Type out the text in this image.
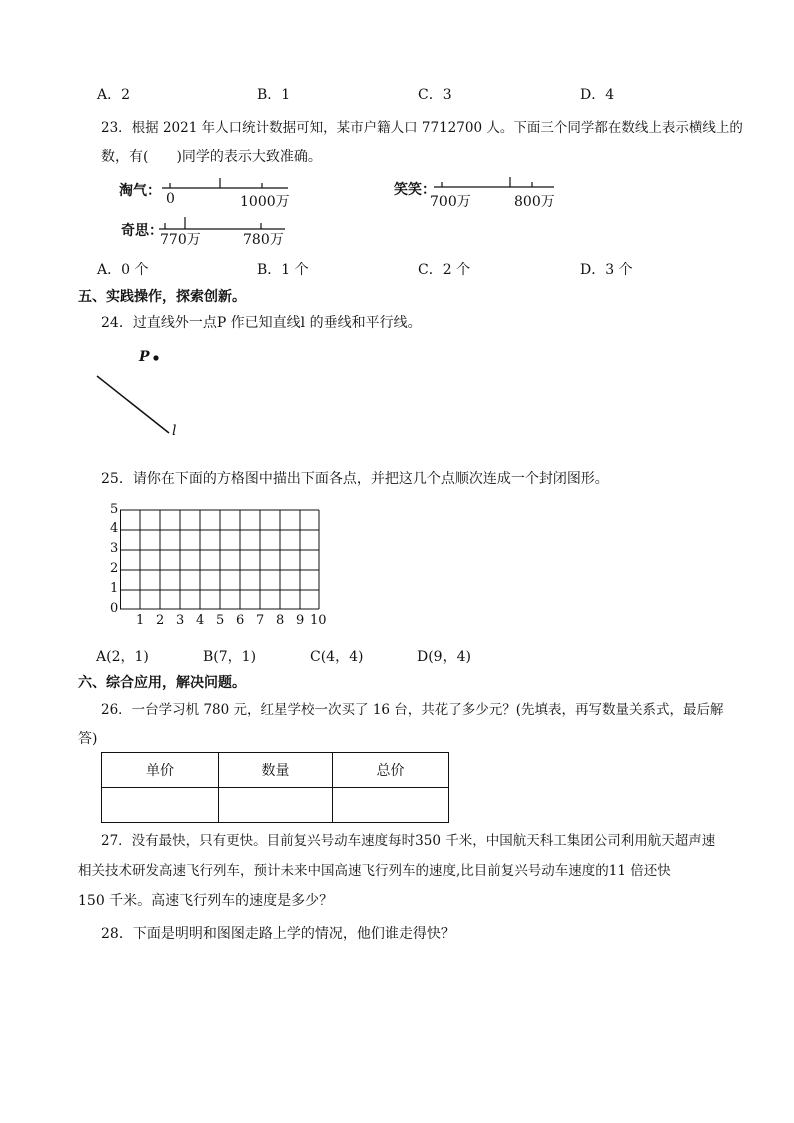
A．2	B．1	C．3	D．4
23．根据 2021 年人口统计数据可知，某市户籍人口 7712700 人。下面三个同学都在数线上表示横线上的
数，有(　　)同学的表示大致准确。
淘气： 0	1000万
笑笑：
700万	800万
奇思：
770万	780万
A．0 个	B．1 个	C．2 个	D．3 个
五、实践操作，探索创新。
24．过直线外一点P 作已知直线l 的垂线和平行线。
P
l
25．请你在下面的方格图中描出下面各点，并把这几个点顺次连成一个封闭图形。
0
1
2
3
4
5
1 2 3 4 5 6 7 8 9 10
A(2，1)	B(7，1)	C(4，4)	D(9，4)
六、综合应用，解决问题。
26．一台学习机 780 元，红星学校一次买了 16 台，共花了多少元？(先填表，再写数量关系式，最后解
答)
单价	数量	总价

27．没有最快，只有更快。目前复兴号动车速度每时350 千米，中国航天科工集团公司利用航天超声速
相关技术研发高速飞行列车，预计未来中国高速飞行列车的速度,比目前复兴号动车速度的11 倍还快
150 千米。高速飞行列车的速度是多少？
28．下面是明明和图图走路上学的情况，他们谁走得快？
